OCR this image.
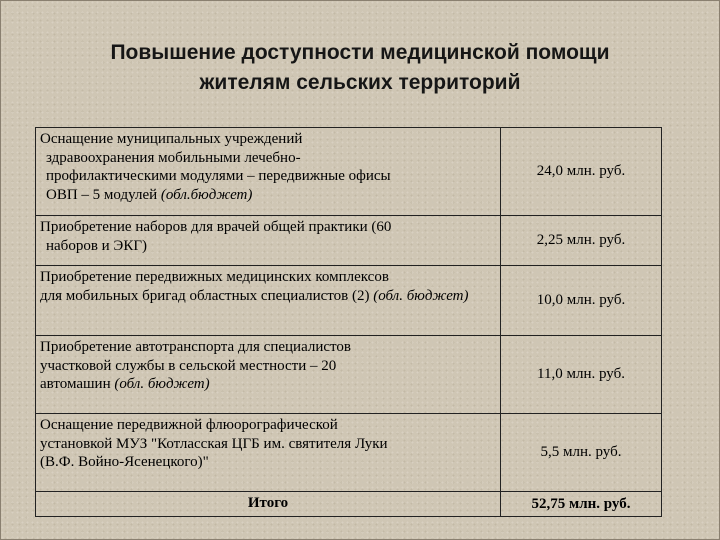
Повышение доступности медицинской помощи
жителям сельских территорий
Оснащение муниципальных учреждений
здравоохранения мобильными лечебно-
профилактическими модулями – передвижные офисы
ОВП – 5 модулей (обл.бюджет)	24,0 млн. руб.

Приобретение наборов для врачей общей практики (60
наборов и ЭКГ)	2,25 млн. руб.

Приобретение передвижных медицинских комплексов
для мобильных бригад областных специалистов (2) (обл. бюджет)	10,0 млн. руб.

Приобретение автотранспорта для специалистов
участковой службы в сельской местности – 20
автомашин (обл. бюджет)	11,0 млн. руб.

Оснащение передвижной флюорографической
установкой МУЗ "Котласская ЦГБ им. святителя Луки
(В.Ф. Войно-Ясенецкого)"	5,5 млн. руб.
Итого	52,75 млн. руб.
